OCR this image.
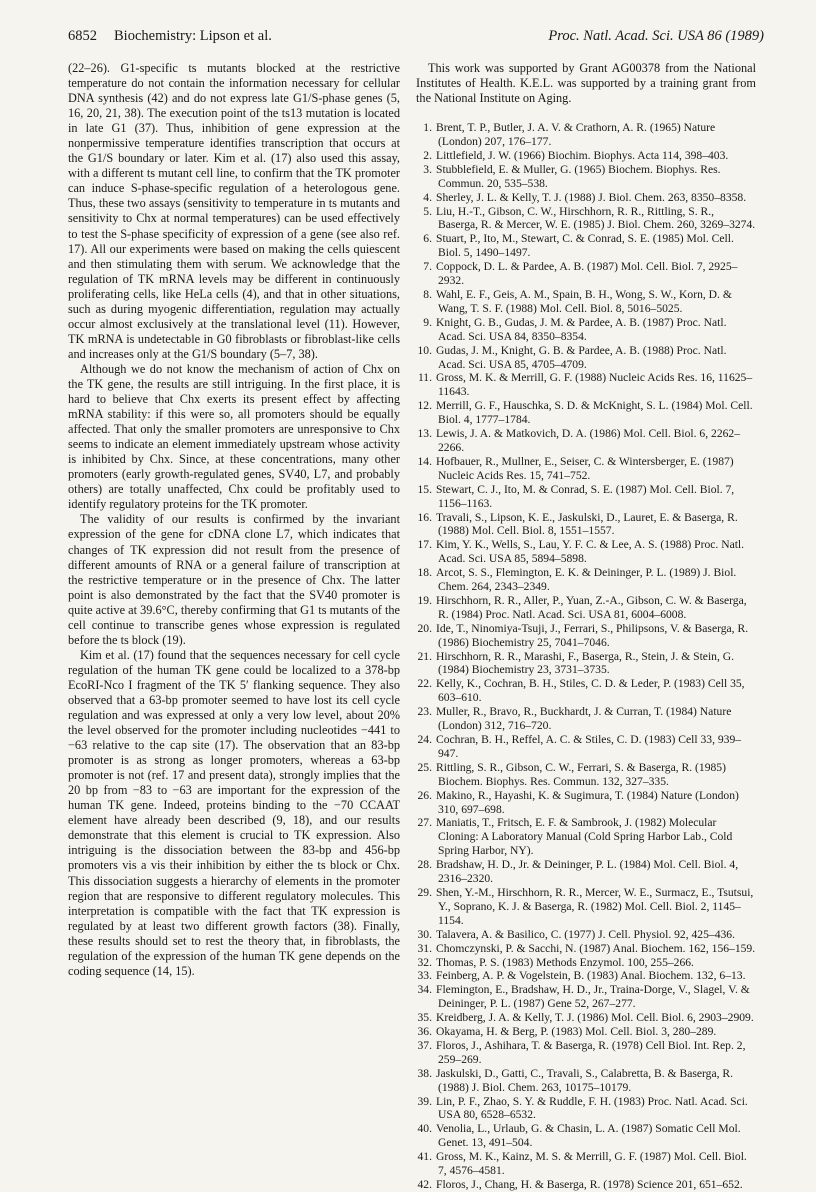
6852 Biochemistry: Lipson et al.	Proc. Natl. Acad. Sci. USA 86 (1989)

(22–26). G1-specific ts mutants blocked at the restrictive temperature do not contain the information necessary for cellular DNA synthesis (42) and do not express late G1/S-phase genes (5, 16, 20, 21, 38). The execution point of the ts13 mutation is located in late G1 (37). Thus, inhibition of gene expression at the nonpermissive temperature identifies transcription that occurs at the G1/S boundary or later. Kim et al. (17) also used this assay, with a different ts mutant cell line, to confirm that the TK promoter can induce S-phase-specific regulation of a heterologous gene. Thus, these two assays (sensitivity to temperature in ts mutants and sensitivity to Chx at normal temperatures) can be used effectively to test the S-phase specificity of expression of a gene (see also ref. 17). All our experiments were based on making the cells quiescent and then stimulating them with serum. We acknowledge that the regulation of TK mRNA levels may be different in continuously proliferating cells, like HeLa cells (4), and that in other situations, such as during myogenic differentiation, regulation may actually occur almost exclusively at the translational level (11). However, TK mRNA is undetectable in G0 fibroblasts or fibroblast-like cells and increases only at the G1/S boundary (5–7, 38).

Although we do not know the mechanism of action of Chx on the TK gene, the results are still intriguing. In the first place, it is hard to believe that Chx exerts its present effect by affecting mRNA stability: if this were so, all promoters should be equally affected. That only the smaller promoters are unresponsive to Chx seems to indicate an element immediately upstream whose activity is inhibited by Chx. Since, at these concentrations, many other promoters (early growth-regulated genes, SV40, L7, and probably others) are totally unaffected, Chx could be profitably used to identify regulatory proteins for the TK promoter.

The validity of our results is confirmed by the invariant expression of the gene for cDNA clone L7, which indicates that changes of TK expression did not result from the presence of different amounts of RNA or a general failure of transcription at the restrictive temperature or in the presence of Chx. The latter point is also demonstrated by the fact that the SV40 promoter is quite active at 39.6°C, thereby confirming that G1 ts mutants of the cell continue to transcribe genes whose expression is regulated before the ts block (19).

Kim et al. (17) found that the sequences necessary for cell cycle regulation of the human TK gene could be localized to a 378-bp EcoRI-Nco I fragment of the TK 5′ flanking sequence. They also observed that a 63-bp promoter seemed to have lost its cell cycle regulation and was expressed at only a very low level, about 20% the level observed for the promoter including nucleotides −441 to −63 relative to the cap site (17). The observation that an 83-bp promoter is as strong as longer promoters, whereas a 63-bp promoter is not (ref. 17 and present data), strongly implies that the 20 bp from −83 to −63 are important for the expression of the human TK gene. Indeed, proteins binding to the −70 CCAAT element have already been described (9, 18), and our results demonstrate that this element is crucial to TK expression. Also intriguing is the dissociation between the 83-bp and 456-bp promoters vis a vis their inhibition by either the ts block or Chx. This dissociation suggests a hierarchy of elements in the promoter region that are responsive to different regulatory molecules. This interpretation is compatible with the fact that TK expression is regulated by at least two different growth factors (38). Finally, these results should set to rest the theory that, in fibroblasts, the regulation of the expression of the human TK gene depends on the coding sequence (14, 15).

This work was supported by Grant AG00378 from the National Institutes of Health. K.E.L. was supported by a training grant from the National Institute on Aging.

1. Brent, T. P., Butler, J. A. V. & Crathorn, A. R. (1965) Nature (London) 207, 176–177.
2. Littlefield, J. W. (1966) Biochim. Biophys. Acta 114, 398–403.
3. Stubblefield, E. & Muller, G. (1965) Biochem. Biophys. Res. Commun. 20, 535–538.
4. Sherley, J. L. & Kelly, T. J. (1988) J. Biol. Chem. 263, 8350–8358.
5. Liu, H.-T., Gibson, C. W., Hirschhorn, R. R., Rittling, S. R., Baserga, R. & Mercer, W. E. (1985) J. Biol. Chem. 260, 3269–3274.
6. Stuart, P., Ito, M., Stewart, C. & Conrad, S. E. (1985) Mol. Cell. Biol. 5, 1490–1497.
7. Coppock, D. L. & Pardee, A. B. (1987) Mol. Cell. Biol. 7, 2925–2932.
8. Wahl, E. F., Geis, A. M., Spain, B. H., Wong, S. W., Korn, D. & Wang, T. S. F. (1988) Mol. Cell. Biol. 8, 5016–5025.
9. Knight, G. B., Gudas, J. M. & Pardee, A. B. (1987) Proc. Natl. Acad. Sci. USA 84, 8350–8354.
10. Gudas, J. M., Knight, G. B. & Pardee, A. B. (1988) Proc. Natl. Acad. Sci. USA 85, 4705–4709.
11. Gross, M. K. & Merrill, G. F. (1988) Nucleic Acids Res. 16, 11625–11643.
12. Merrill, G. F., Hauschka, S. D. & McKnight, S. L. (1984) Mol. Cell. Biol. 4, 1777–1784.
13. Lewis, J. A. & Matkovich, D. A. (1986) Mol. Cell. Biol. 6, 2262–2266.
14. Hofbauer, R., Mullner, E., Seiser, C. & Wintersberger, E. (1987) Nucleic Acids Res. 15, 741–752.
15. Stewart, C. J., Ito, M. & Conrad, S. E. (1987) Mol. Cell. Biol. 7, 1156–1163.
16. Travali, S., Lipson, K. E., Jaskulski, D., Lauret, E. & Baserga, R. (1988) Mol. Cell. Biol. 8, 1551–1557.
17. Kim, Y. K., Wells, S., Lau, Y. F. C. & Lee, A. S. (1988) Proc. Natl. Acad. Sci. USA 85, 5894–5898.
18. Arcot, S. S., Flemington, E. K. & Deininger, P. L. (1989) J. Biol. Chem. 264, 2343–2349.
19. Hirschhorn, R. R., Aller, P., Yuan, Z.-A., Gibson, C. W. & Baserga, R. (1984) Proc. Natl. Acad. Sci. USA 81, 6004–6008.
20. Ide, T., Ninomiya-Tsuji, J., Ferrari, S., Philipsons, V. & Baserga, R. (1986) Biochemistry 25, 7041–7046.
21. Hirschhorn, R. R., Marashi, F., Baserga, R., Stein, J. & Stein, G. (1984) Biochemistry 23, 3731–3735.
22. Kelly, K., Cochran, B. H., Stiles, C. D. & Leder, P. (1983) Cell 35, 603–610.
23. Muller, R., Bravo, R., Buckhardt, J. & Curran, T. (1984) Nature (London) 312, 716–720.
24. Cochran, B. H., Reffel, A. C. & Stiles, C. D. (1983) Cell 33, 939–947.
25. Rittling, S. R., Gibson, C. W., Ferrari, S. & Baserga, R. (1985) Biochem. Biophys. Res. Commun. 132, 327–335.
26. Makino, R., Hayashi, K. & Sugimura, T. (1984) Nature (London) 310, 697–698.
27. Maniatis, T., Fritsch, E. F. & Sambrook, J. (1982) Molecular Cloning: A Laboratory Manual (Cold Spring Harbor Lab., Cold Spring Harbor, NY).
28. Bradshaw, H. D., Jr. & Deininger, P. L. (1984) Mol. Cell. Biol. 4, 2316–2320.
29. Shen, Y.-M., Hirschhorn, R. R., Mercer, W. E., Surmacz, E., Tsutsui, Y., Soprano, K. J. & Baserga, R. (1982) Mol. Cell. Biol. 2, 1145–1154.
30. Talavera, A. & Basilico, C. (1977) J. Cell. Physiol. 92, 425–436.
31. Chomczynski, P. & Sacchi, N. (1987) Anal. Biochem. 162, 156–159.
32. Thomas, P. S. (1983) Methods Enzymol. 100, 255–266.
33. Feinberg, A. P. & Vogelstein, B. (1983) Anal. Biochem. 132, 6–13.
34. Flemington, E., Bradshaw, H. D., Jr., Traina-Dorge, V., Slagel, V. & Deininger, P. L. (1987) Gene 52, 267–277.
35. Kreidberg, J. A. & Kelly, T. J. (1986) Mol. Cell. Biol. 6, 2903–2909.
36. Okayama, H. & Berg, P. (1983) Mol. Cell. Biol. 3, 280–289.
37. Floros, J., Ashihara, T. & Baserga, R. (1978) Cell Biol. Int. Rep. 2, 259–269.
38. Jaskulski, D., Gatti, C., Travali, S., Calabretta, B. & Baserga, R. (1988) J. Biol. Chem. 263, 10175–10179.
39. Lin, P. F., Zhao, S. Y. & Ruddle, F. H. (1983) Proc. Natl. Acad. Sci. USA 80, 6528–6532.
40. Venolia, L., Urlaub, G. & Chasin, L. A. (1987) Somatic Cell Mol. Genet. 13, 491–504.
41. Gross, M. K., Kainz, M. S. & Merrill, G. F. (1987) Mol. Cell. Biol. 7, 4576–4581.
42. Floros, J., Chang, H. & Baserga, R. (1978) Science 201, 651–652.
